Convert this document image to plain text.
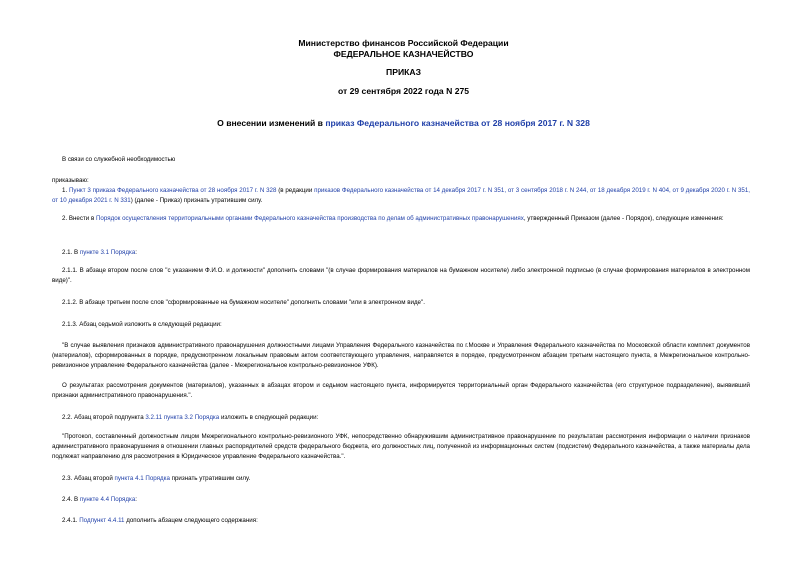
Министерство финансов Российской Федерации
ФЕДЕРАЛЬНОЕ КАЗНАЧЕЙСТВО
ПРИКАЗ
от 29 сентября 2022 года N 275
О внесении изменений в приказ Федерального казначейства от 28 ноября 2017 г. N 328
В связи со служебной необходимостью
приказываю:
1. Пункт 3 приказа Федерального казначейства от 28 ноября 2017 г. N 328 (в редакции приказов Федерального казначейства от 14 декабря 2017 г. N 351, от 3 сентября 2018 г. N 244, от 18 декабря 2019 г. N 404, от 9 декабря 2020 г. N 351, от 10 декабря 2021 г. N 331) (далее - Приказ) признать утратившим силу.
2. Внести в Порядок осуществления территориальными органами Федерального казначейства производства по делам об административных правонарушениях, утвержденный Приказом (далее - Порядок), следующие изменения:
2.1. В пункте 3.1 Порядка:
2.1.1. В абзаце втором после слов "с указанием Ф.И.О. и должности" дополнить словами "(в случае формирования материалов на бумажном носителе) либо электронной подписью (в случае формирования материалов в электронном виде)".
2.1.2. В абзаце третьем после слов "сформированные на бумажном носителе" дополнить словами "или в электронном виде".
2.1.3. Абзац седьмой изложить в следующей редакции:
"В случае выявления признаков административного правонарушения должностными лицами Управления Федерального казначейства по г.Москве и Управления Федерального казначейства по Московской области комплект документов (материалов), сформированных в порядке, предусмотренном локальным правовым актом соответствующего управления, направляется в порядке, предусмотренном абзацем третьим настоящего пункта, в Межрегиональное контрольно-ревизионное управление Федерального казначейства (далее - Межрегиональное контрольно-ревизионное УФК).
О результатах рассмотрения документов (материалов), указанных в абзацах втором и седьмом настоящего пункта, информируется территориальный орган Федерального казначейства (его структурное подразделение), выявивший признаки административного правонарушения.".
2.2. Абзац второй подпункта 3.2.11 пункта 3.2 Порядка изложить в следующей редакции:
"Протокол, составленный должностным лицом Межрегионального контрольно-ревизионного УФК, непосредственно обнаружившим административное правонарушение по результатам рассмотрения информации о наличии признаков административного правонарушения в отношении главных распорядителей средств федерального бюджета, его должностных лиц, полученной из информационных систем (подсистем) Федерального казначейства, а также материалы дела подлежат направлению для рассмотрения в Юридическое управление Федерального казначейства.".
2.3. Абзац второй пункта 4.1 Порядка признать утратившим силу.
2.4. В пункте 4.4 Порядка:
2.4.1. Подпункт 4.4.11 дополнить абзацем следующего содержания:
